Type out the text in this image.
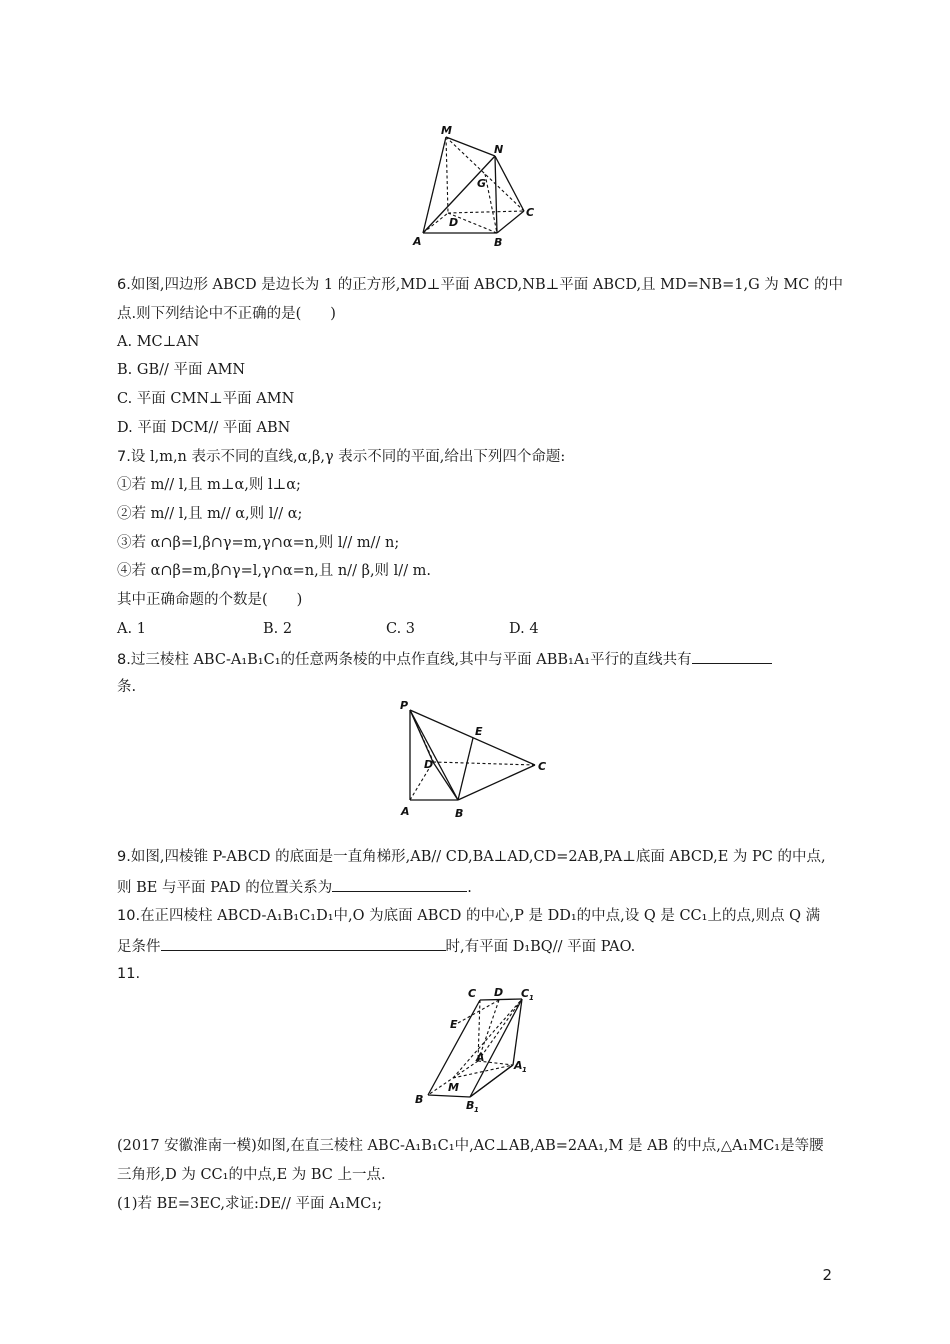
M
N
G
D
C
A	B
6.如图,四边形 ABCD 是边长为 1 的正方形,MD⊥平面 ABCD,NB⊥平面 ABCD,且 MD=NB=1,G 为 MC 的中
点.则下列结论中不正确的是(　　)
A. MC⊥AN
B. GB// 平面 AMN
C. 平面 CMN⊥平面 AMN
D. 平面 DCM// 平面 ABN
7.设 l,m,n 表示不同的直线,α,β,γ 表示不同的平面,给出下列四个命题:
①若 m// l,且 m⊥α,则 l⊥α;
②若 m// l,且 m// α,则 l// α;
③若 α∩β=l,β∩γ=m,γ∩α=n,则 l// m// n;
④若 α∩β=m,β∩γ=l,γ∩α=n,且 n// β,则 l// m.
其中正确命题的个数是(　　)
A. 1	B. 2	C. 3	D. 4
8.过三棱柱 ABC-A₁B₁C₁的任意两条棱的中点作直线,其中与平面 ABB₁A₁平行的直线共有
条.
P
E
D	C
A	B
9.如图,四棱锥 P-ABCD 的底面是一直角梯形,AB// CD,BA⊥AD,CD=2AB,PA⊥底面 ABCD,E 为 PC 的中点,
则 BE 与平面 PAD 的位置关系为	.
10.在正四棱柱 ABCD-A₁B₁C₁D₁中,O 为底面 ABCD 的中心,P 是 DD₁的中点,设 Q 是 CC₁上的点,则点 Q 满
足条件	时,有平面 D₁BQ// 平面 PAO.
11.
C D C 1
E
A
A 1
M
B	B 1
(2017 安徽淮南一模)如图,在直三棱柱 ABC-A₁B₁C₁中,AC⊥AB,AB=2AA₁,M 是 AB 的中点,△A₁MC₁是等腰
三角形,D 为 CC₁的中点,E 为 BC 上一点.
(1)若 BE=3EC,求证:DE// 平面 A₁MC₁;
2
